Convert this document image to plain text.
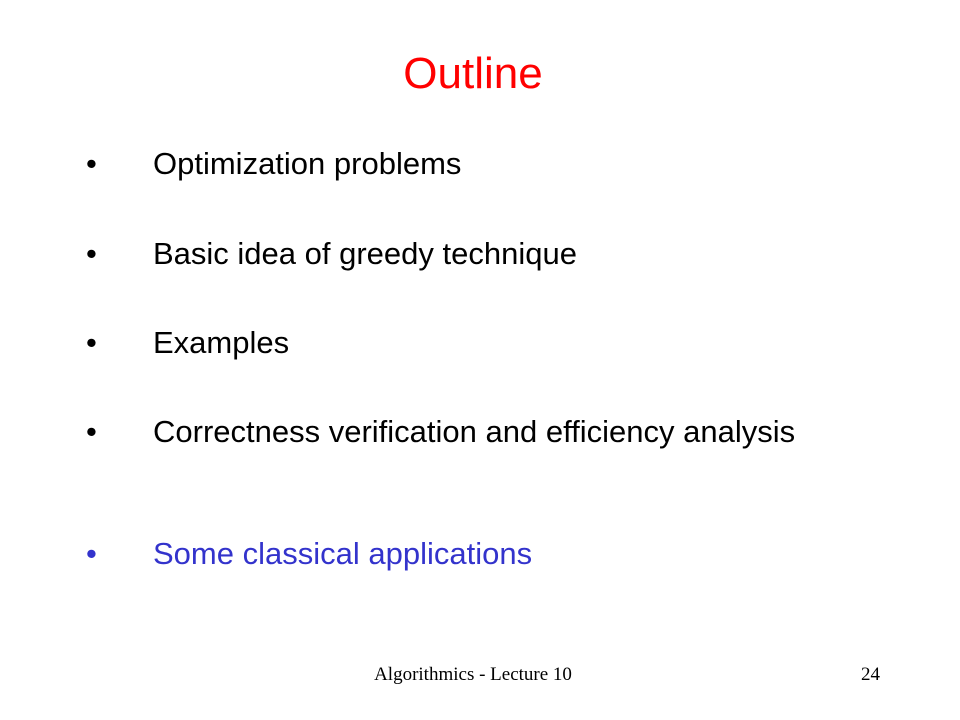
Outline
•	Optimization problems
•	Basic idea of greedy technique
•	Examples
•	Correctness verification and efficiency analysis
•	Some classical applications
Algorithmics - Lecture 10	24
